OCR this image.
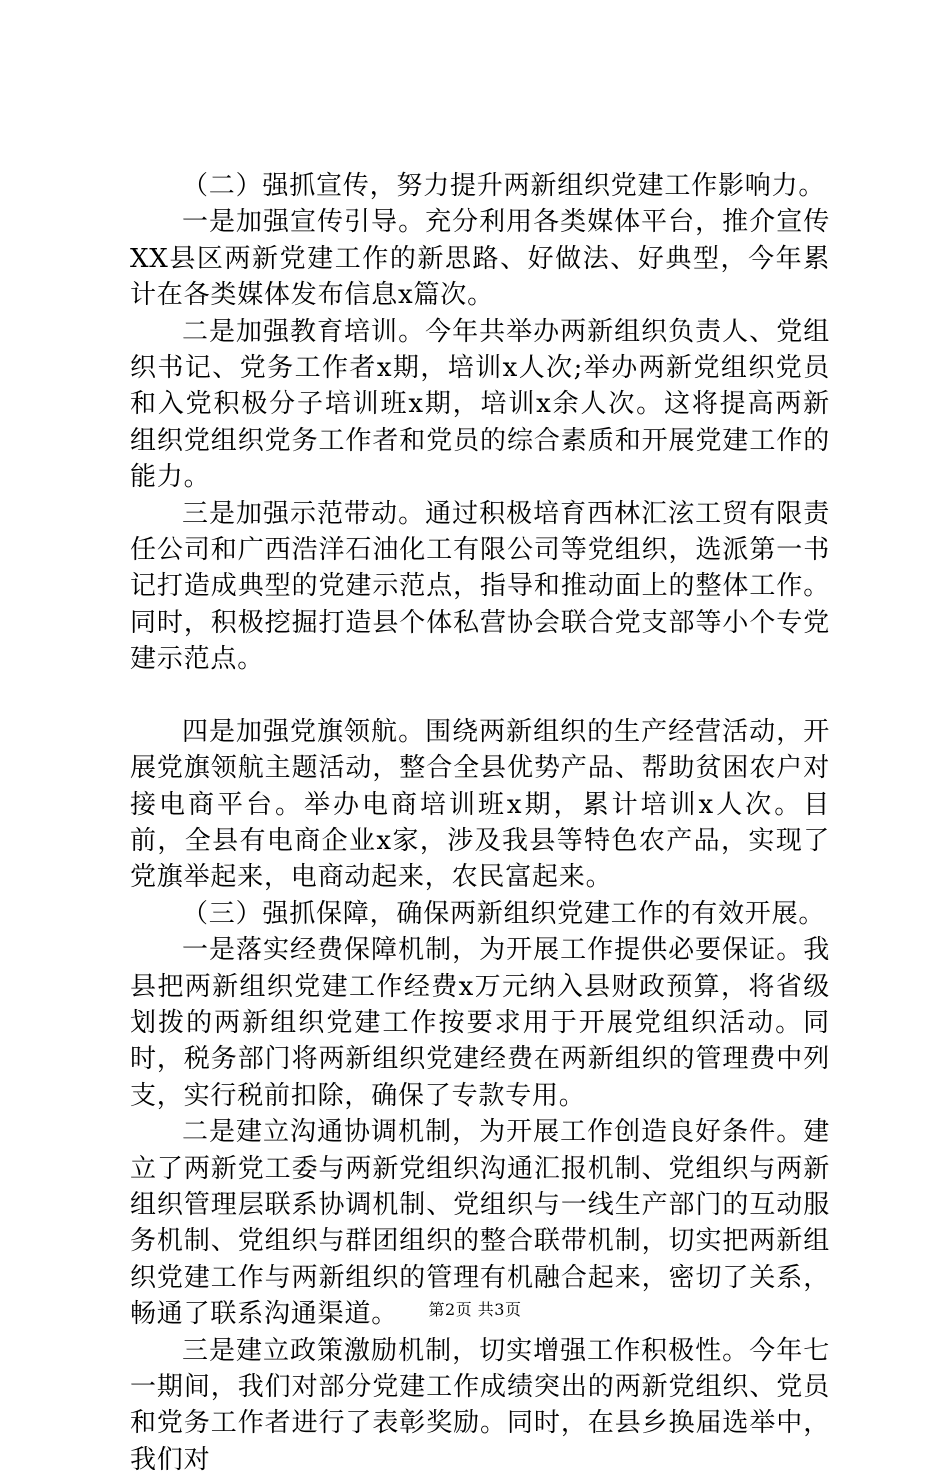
（二）强抓宣传，努力提升两新组织党建工作影响力。

一是加强宣传引导。充分利用各类媒体平台，推介宣传XX县区两新党建工作的新思路、好做法、好典型，今年累计在各类媒体发布信息x篇次。

二是加强教育培训。今年共举办两新组织负责人、党组织书记、党务工作者x期，培训x人次;举办两新党组织党员和入党积极分子培训班x期，培训x余人次。这将提高两新组织党组织党务工作者和党员的综合素质和开展党建工作的能力。

三是加强示范带动。通过积极培育西林汇泫工贸有限责任公司和广西浩洋石油化工有限公司等党组织，选派第一书记打造成典型的党建示范点，指导和推动面上的整体工作。同时，积极挖掘打造县个体私营协会联合党支部等小个专党建示范点。

四是加强党旗领航。围绕两新组织的生产经营活动，开展党旗领航主题活动，整合全县优势产品、帮助贫困农户对接电商平台。举办电商培训班x期，累计培训x人次。目前，全县有电商企业x家，涉及我县等特色农产品，实现了党旗举起来，电商动起来，农民富起来。

（三）强抓保障，确保两新组织党建工作的有效开展。

一是落实经费保障机制，为开展工作提供必要保证。我县把两新组织党建工作经费x万元纳入县财政预算，将省级划拨的两新组织党建工作按要求用于开展党组织活动。同时，税务部门将两新组织党建经费在两新组织的管理费中列支，实行税前扣除，确保了专款专用。

二是建立沟通协调机制，为开展工作创造良好条件。建立了两新党工委与两新党组织沟通汇报机制、党组织与两新组织管理层联系协调机制、党组织与一线生产部门的互动服务机制、党组织与群团组织的整合联带机制，切实把两新组织党建工作与两新组织的管理有机融合起来，密切了关系，畅通了联系沟通渠道。

三是建立政策激励机制，切实增强工作积极性。今年七一期间，我们对部分党建工作成绩突出的两新党组织、党员和党务工作者进行了表彰奖励。同时，在县乡换届选举中，我们对

第2页 共3页
